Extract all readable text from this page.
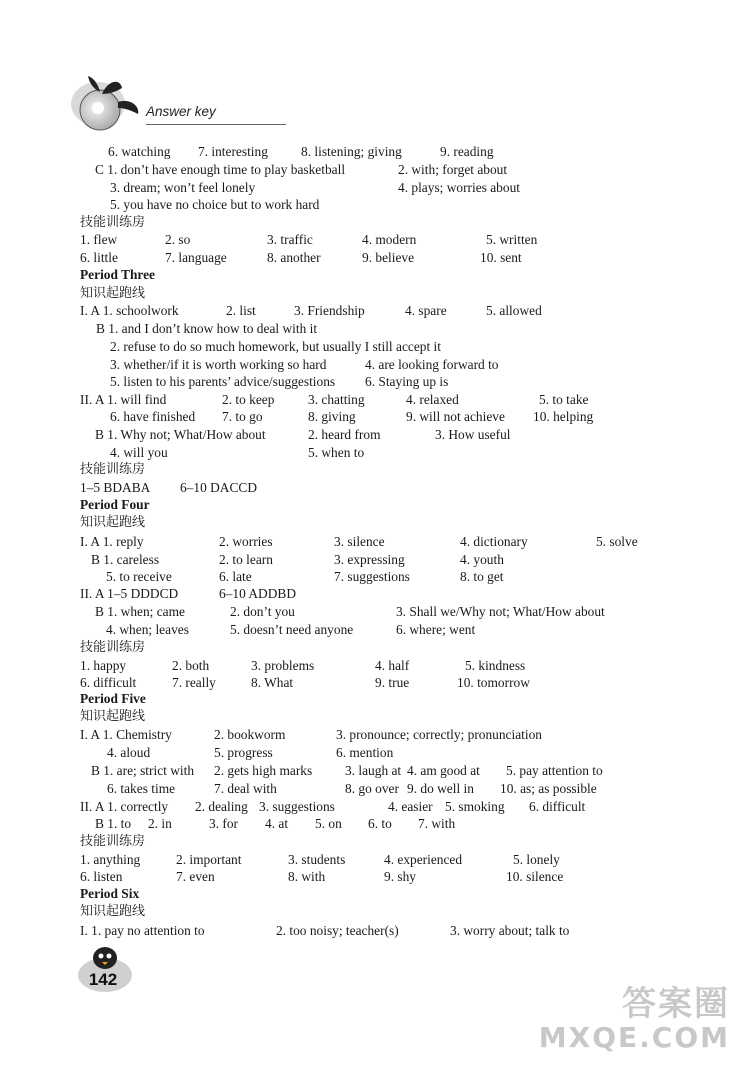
Answer key
6. watching 7. interesting 8. listening; giving	9. reading
C 1. don’t have enough time to play basketball	2. with; forget about
3. dream; won’t feel lonely	4. plays; worries about
5. you have no choice but to work hard
技能训练房
1. flew	2. so	3. traffic	4. modern	5. written
6. little	7. language	8. another	9. believe	10. sent
Period Three
知识起跑线
I. A 1. schoolwork	2. list	3. Friendship	4. spare	5. allowed
B 1. and I don’t know how to deal with it
2. refuse to do so much homework, but usually I still accept it
3. whether/if it is worth working so hard	4. are looking forward to
5. listen to his parents’ advice/suggestions 6. Staying up is
II. A 1. will find	2. to keep	3. chatting	4. relaxed	5. to take
6. have finished 7. to go	8. giving	9. will not achieve 10. helping
B 1. Why not; What/How about	2. heard from	3. How useful
4. will you	5. when to
技能训练房
1–5 BDABA 6–10 DACCD
Period Four
知识起跑线
I. A 1. reply	2. worries	3. silence	4. dictionary	5. solve
B 1. careless	2. to learn	3. expressing	4. youth
5. to receive	6. late	7. suggestions	8. to get
II. A 1–5 DDDCD	6–10 ADDBD
B 1. when; came	2. don’t you	3. Shall we/Why not; What/How about
4. when; leaves	5. doesn’t need anyone	6. where; went
技能训练房
1. happy	2. both	3. problems	4. half	5. kindness
6. difficult	7. really	8. What	9. true	10. tomorrow
Period Five
知识起跑线
I. A 1. Chemistry	2. bookworm	3. pronounce; correctly; pronunciation
4. aloud	5. progress	6. mention
B 1. are; strict with 2. gets high marks 3. laugh at 4. am good at 5. pay attention to
6. takes time	7. deal with	8. go over 9. do well in 10. as; as possible
II. A 1. correctly 2. dealing 3. suggestions	4. easier 5. smoking 6. difficult
B 1. to 2. in	3. for 4. at 5. on 6. to 7. with
技能训练房
1. anything	2. important	3. students	4. experienced	5. lonely
6. listen	7. even	8. with	9. shy	10. silence
Period Six
知识起跑线
I. 1. pay no attention to	2. too noisy; teacher(s)	3. worry about; talk to
142
答案圈
MXQE.COM
